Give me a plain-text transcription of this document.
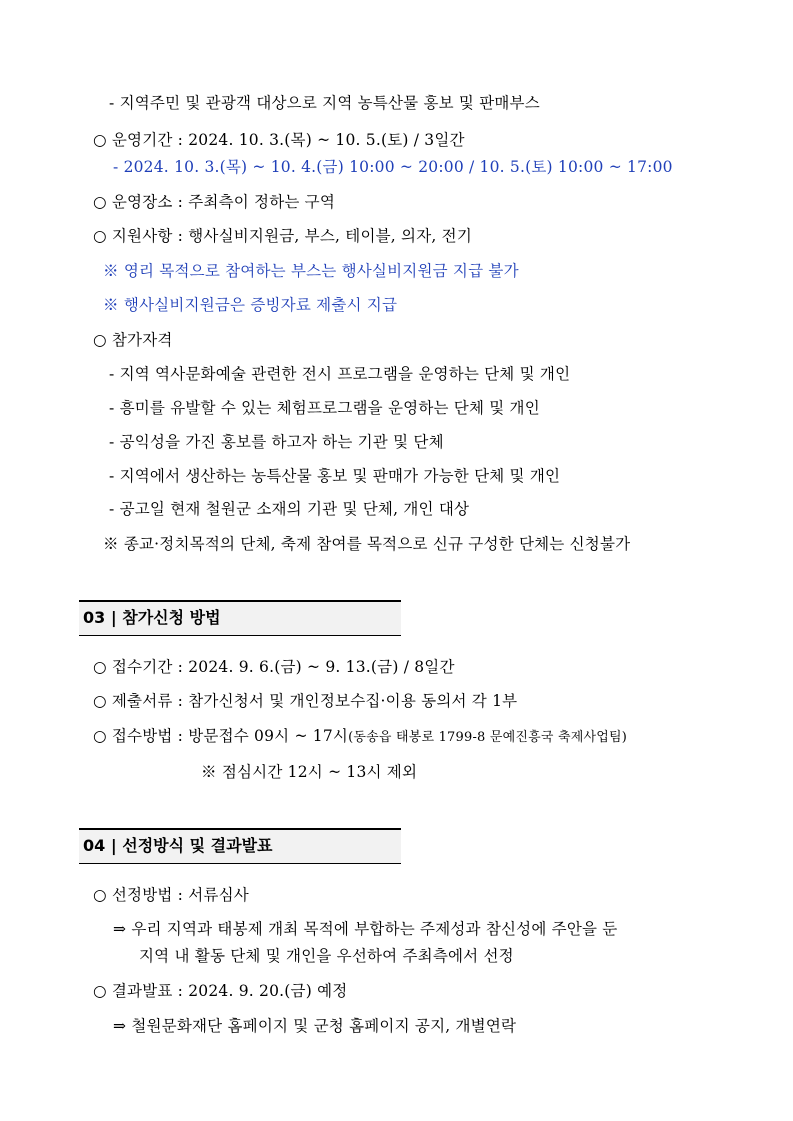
- 지역주민 및 관광객 대상으로 지역 농특산물 홍보 및 판매부스
○ 운영기간 : 2024. 10. 3.(목) ~ 10. 5.(토) / 3일간
- 2024. 10. 3.(목) ~ 10. 4.(금) 10:00 ~ 20:00 / 10. 5.(토) 10:00 ~ 17:00
○ 운영장소 : 주최측이 정하는 구역
○ 지원사항 : 행사실비지원금, 부스, 테이블, 의자, 전기
※ 영리 목적으로 참여하는 부스는 행사실비지원금 지급 불가
※ 행사실비지원금은 증빙자료 제출시 지급
○ 참가자격
- 지역 역사문화예술 관련한 전시 프로그램을 운영하는 단체 및 개인
- 흥미를 유발할 수 있는 체험프로그램을 운영하는 단체 및 개인
- 공익성을 가진 홍보를 하고자 하는 기관 및 단체
- 지역에서 생산하는 농특산물 홍보 및 판매가 가능한 단체 및 개인
- 공고일 현재 철원군 소재의 기관 및 단체, 개인 대상
※ 종교·정치목적의 단체, 축제 참여를 목적으로 신규 구성한 단체는 신청불가
03 | 참가신청 방법
○ 접수기간 : 2024. 9. 6.(금) ~ 9. 13.(금) / 8일간
○ 제출서류 : 참가신청서 및 개인정보수집·이용 동의서 각 1부
○ 접수방법 : 방문접수 09시 ~ 17시(동송읍 태봉로 1799-8 문예진흥국 축제사업팀)
※ 점심시간 12시 ~ 13시 제외
04 | 선정방식 및 결과발표
○ 선정방법 : 서류심사
⇒ 우리 지역과 태봉제 개최 목적에 부합하는 주제성과 참신성에 주안을 둔
지역 내 활동 단체 및 개인을 우선하여 주최측에서 선정
○ 결과발표 : 2024. 9. 20.(금) 예정
⇒ 철원문화재단 홈페이지 및 군청 홈페이지 공지, 개별연락
